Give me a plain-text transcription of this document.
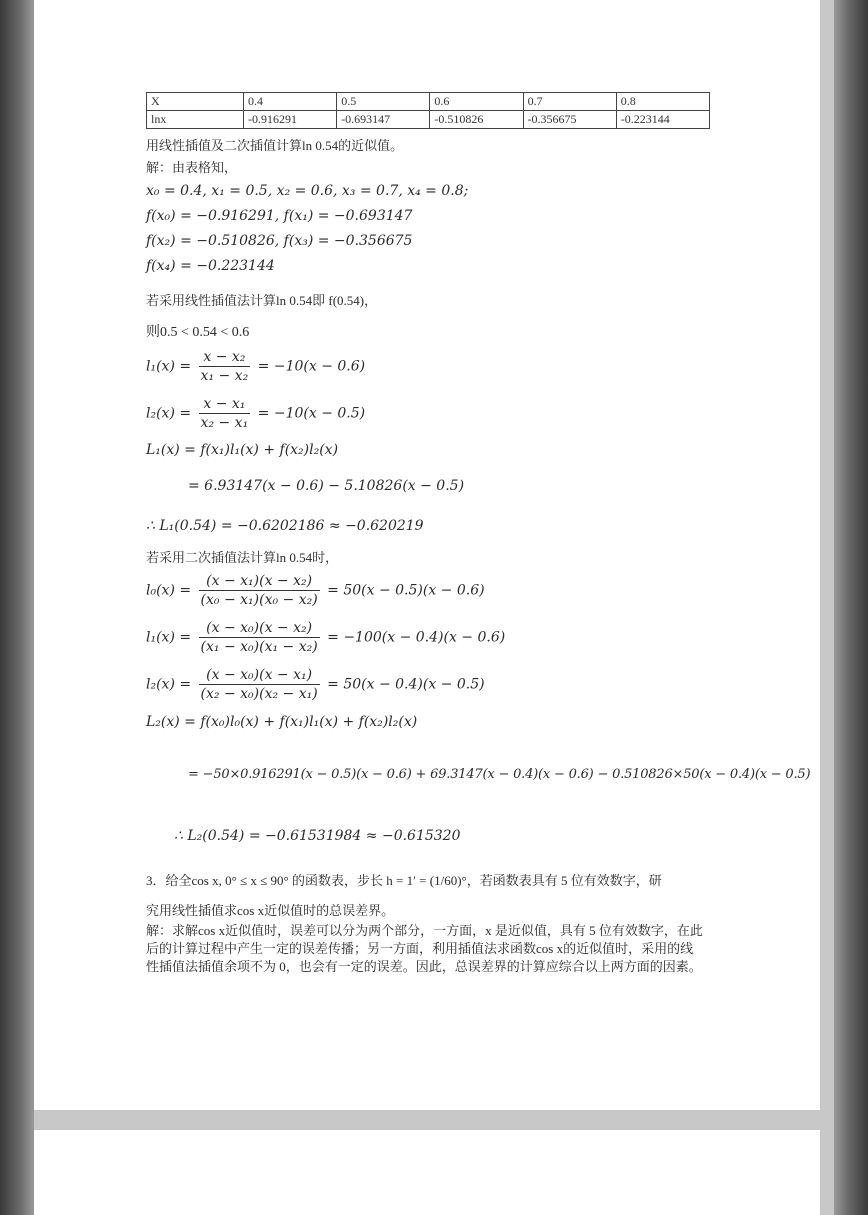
X	0.4	0.5	0.6	0.7	0.8
lnx	-0.916291	-0.693147	-0.510826	-0.356675	-0.223144
用线性插值及二次插值计算ln 0.54的近似值。
解：由表格知，
x₀ = 0.4, x₁ = 0.5, x₂ = 0.6, x₃ = 0.7, x₄ = 0.8;
f(x₀) = −0.916291, f(x₁) = −0.693147
f(x₂) = −0.510826, f(x₃) = −0.356675
f(x₄) = −0.223144
若采用线性插值法计算ln 0.54即 f(0.54)，
则0.5 < 0.54 < 0.6
$l_1(x) = \frac{\text{x − x₂}}{\text{x₁ − x₂}} = -10(x - 0.6)$
$l_2(x) = \frac{\text{x − x₁}}{\text{x₂ − x₁}} = -10(x - 0.5)$
L₁(x) = f(x₁)l₁(x) + f(x₂)l₂(x)
= 6.93147(x − 0.6) − 5.10826(x − 0.5)
∴ L₁(0.54) = −0.6202186 ≈ −0.620219
若采用二次插值法计算ln 0.54时，
$l_0(x) = \frac{\text{(x − x₁)(x − x₂)}}{\text{(x₀ − x₁)(x₀ − x₂)}} = 50(x - 0.5)(x - 0.6)$
$l_1(x) = \frac{\text{(x − x₀)(x − x₂)}}{\text{(x₁ − x₀)(x₁ − x₂)}} = -100(x - 0.4)(x - 0.6)$
$l_2(x) = \frac{\text{(x − x₀)(x − x₁)}}{\text{(x₂ − x₀)(x₂ − x₁)}} = 50(x - 0.4)(x - 0.5)$
L₂(x) = f(x₀)l₀(x) + f(x₁)l₁(x) + f(x₂)l₂(x)
= −50×0.916291(x − 0.5)(x − 0.6) + 69.3147(x − 0.4)(x − 0.6) − 0.510826×50(x − 0.4)(x − 0.5)
∴ L₂(0.54) = −0.61531984 ≈ −0.615320
3．给全cos x, 0° ≤ x ≤ 90° 的函数表，步长 h = 1′ = (1/60)°，若函数表具有 5 位有效数字，研
究用线性插值求cos x近似值时的总误差界。
解：求解cos x近似值时，误差可以分为两个部分，一方面，x 是近似值，具有 5 位有效数字，在此后的计算过程中产生一定的误差传播；另一方面，利用插值法求函数cos x的近似值时，采用的线性插值法插值余项不为 0，也会有一定的误差。因此，总误差界的计算应综合以上两方面的因素。
